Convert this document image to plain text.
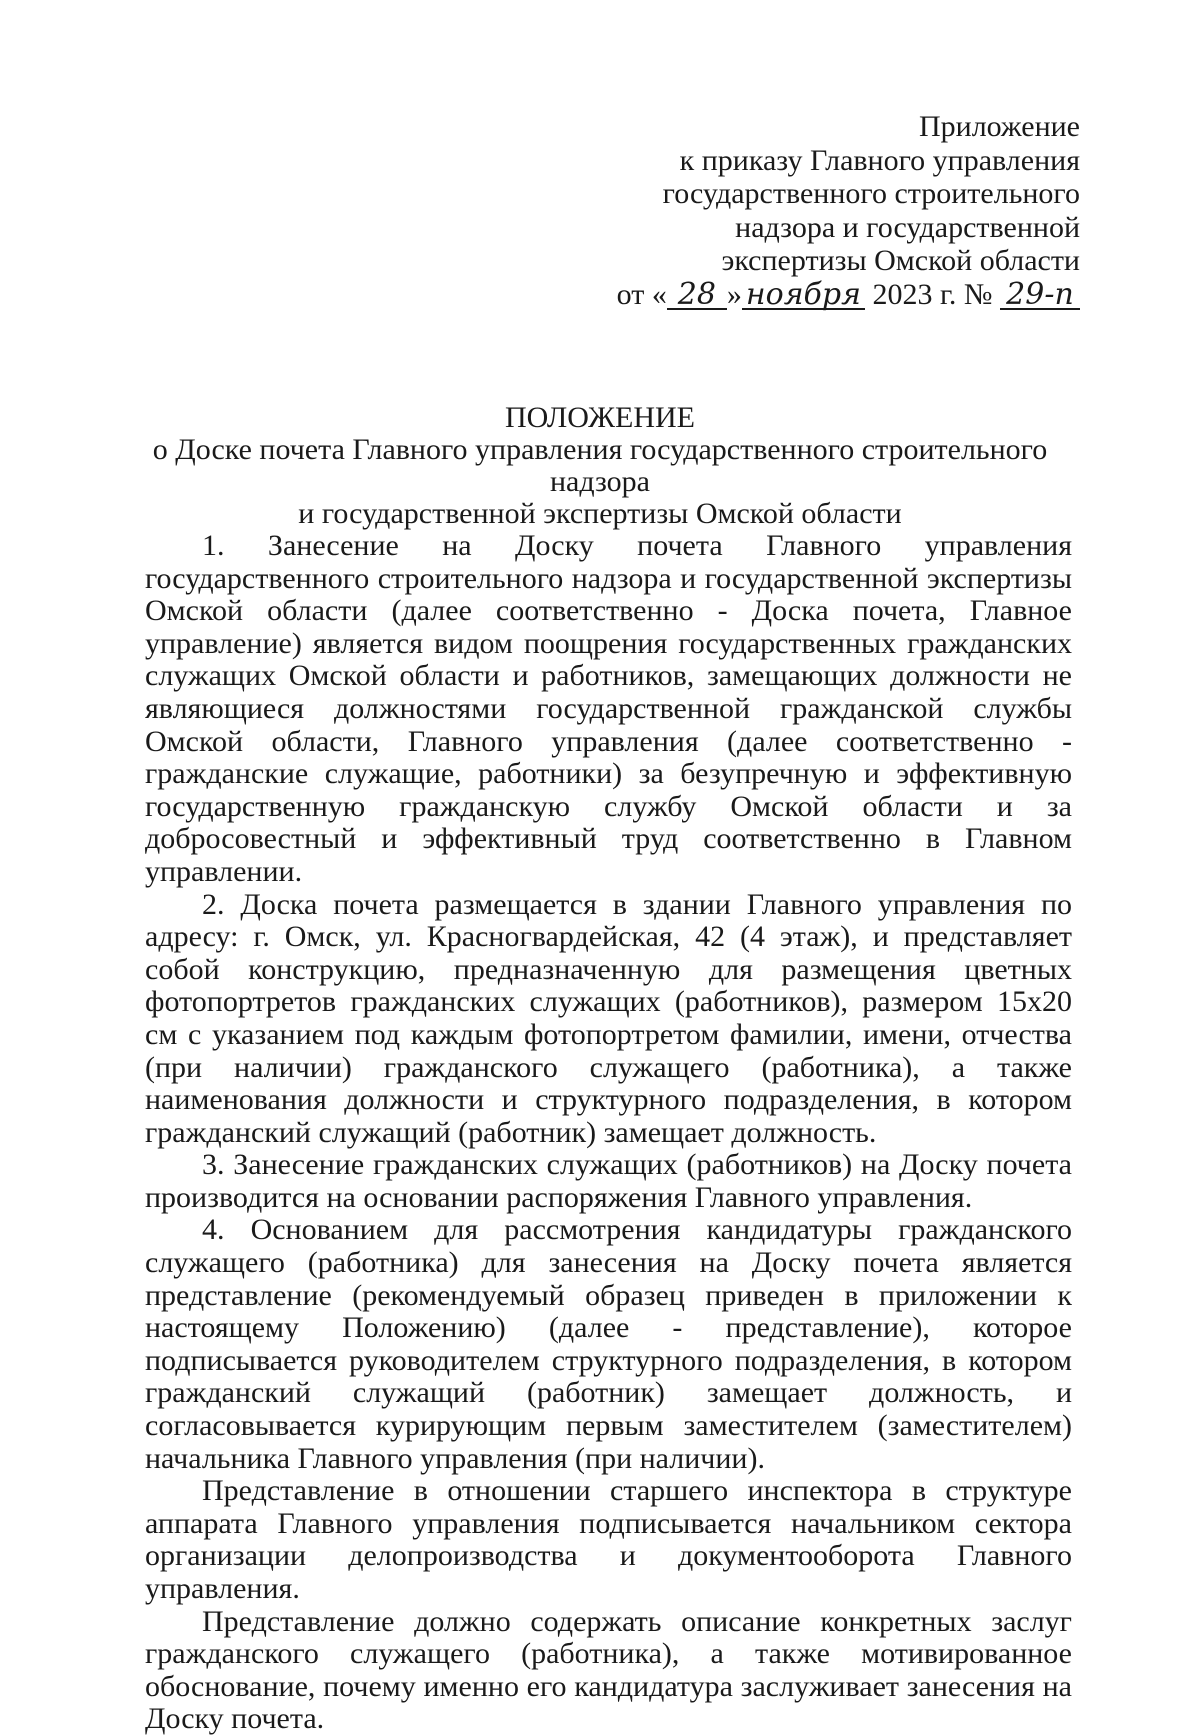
Приложение
к приказу Главного управления
государственного строительного
надзора и государственной
экспертизы Омской области
от « 28 » ноября 2023 г. № 29-п
ПОЛОЖЕНИЕ
о Доске почета Главного управления государственного строительного надзора
и государственной экспертизы Омской области

1. Занесение на Доску почета Главного управления государственного строительного надзора и государственной экспертизы Омской области (далее соответственно - Доска почета, Главное управление) является видом поощрения государственных гражданских служащих Омской области и работников, замещающих должности не являющиеся должностями государственной гражданской службы Омской области, Главного управления (далее соответственно - гражданские служащие, работники) за безупречную и эффективную государственную гражданскую службу Омской области и за добросовестный и эффективный труд соответственно в Главном управлении.

2. Доска почета размещается в здании Главного управления по адресу: г. Омск, ул. Красногвардейская, 42 (4 этаж), и представляет собой конструкцию, предназначенную для размещения цветных фотопортретов гражданских служащих (работников), размером 15х20 см с указанием под каждым фотопортретом фамилии, имени, отчества (при наличии) гражданского служащего (работника), а также наименования должности и структурного подразделения, в котором гражданский служащий (работник) замещает должность.

3. Занесение гражданских служащих (работников) на Доску почета производится на основании распоряжения Главного управления.

4. Основанием для рассмотрения кандидатуры гражданского служащего (работника) для занесения на Доску почета является представление (рекомендуемый образец приведен в приложении к настоящему Положению) (далее - представление), которое подписывается руководителем структурного подразделения, в котором гражданский служащий (работник) замещает должность, и согласовывается курирующим первым заместителем (заместителем) начальника Главного управления (при наличии).

Представление в отношении старшего инспектора в структуре аппарата Главного управления подписывается начальником сектора организации делопроизводства и документооборота Главного управления.

Представление должно содержать описание конкретных заслуг гражданского служащего (работника), а также мотивированное обоснование, почему именно его кандидатура заслуживает занесения на Доску почета.
